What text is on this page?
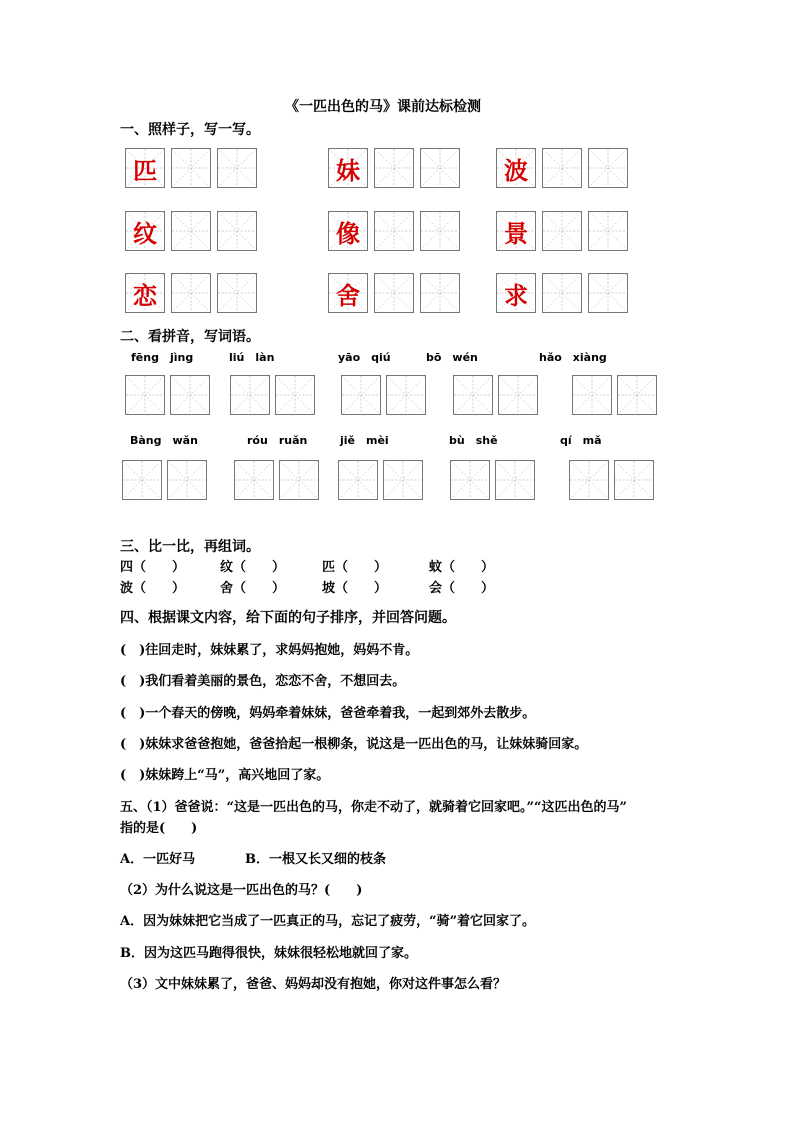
《一匹出色的马》课前达标检测
一、照样子，写一写。
二、看拼音，写词语。
fēng　jìng	liú　làn	yāo　qiú	bō　wén	hǎo　xiàng
Bàng　wǎn	róu　ruǎn	jiě　mèi	bù　shě	qí　mǎ
三、比一比，再组词。
四（　　）	纹（　　）	匹（　　）	蚊（　　）
波（　　）	舍（　　）	坡（　　）	会（　　）
四、根据课文内容，给下面的句子排序，并回答问题。
(　)往回走时，妹妹累了，求妈妈抱她，妈妈不肯。
(　)我们看着美丽的景色，恋恋不舍，不想回去。
(　)一个春天的傍晚，妈妈牵着妹妹，爸爸牵着我，一起到郊外去散步。
(　)妹妹求爸爸抱她，爸爸拾起一根柳条，说这是一匹出色的马，让妹妹骑回家。
(　)妹妹跨上“马”，高兴地回了家。
五、（1）爸爸说：“这是一匹出色的马，你走不动了，就骑着它回家吧。”“这匹出色的马”
指的是(　　)
A．一匹好马	B．一根又长又细的枝条
（2）为什么说这是一匹出色的马？(　　)
A．因为妹妹把它当成了一匹真正的马，忘记了疲劳，“骑”着它回家了。
B．因为这匹马跑得很快，妹妹很轻松地就回了家。
（3）文中妹妹累了，爸爸、妈妈却没有抱她，你对这件事怎么看？
匹	妹	波
纹	像	景
恋	舍	求
